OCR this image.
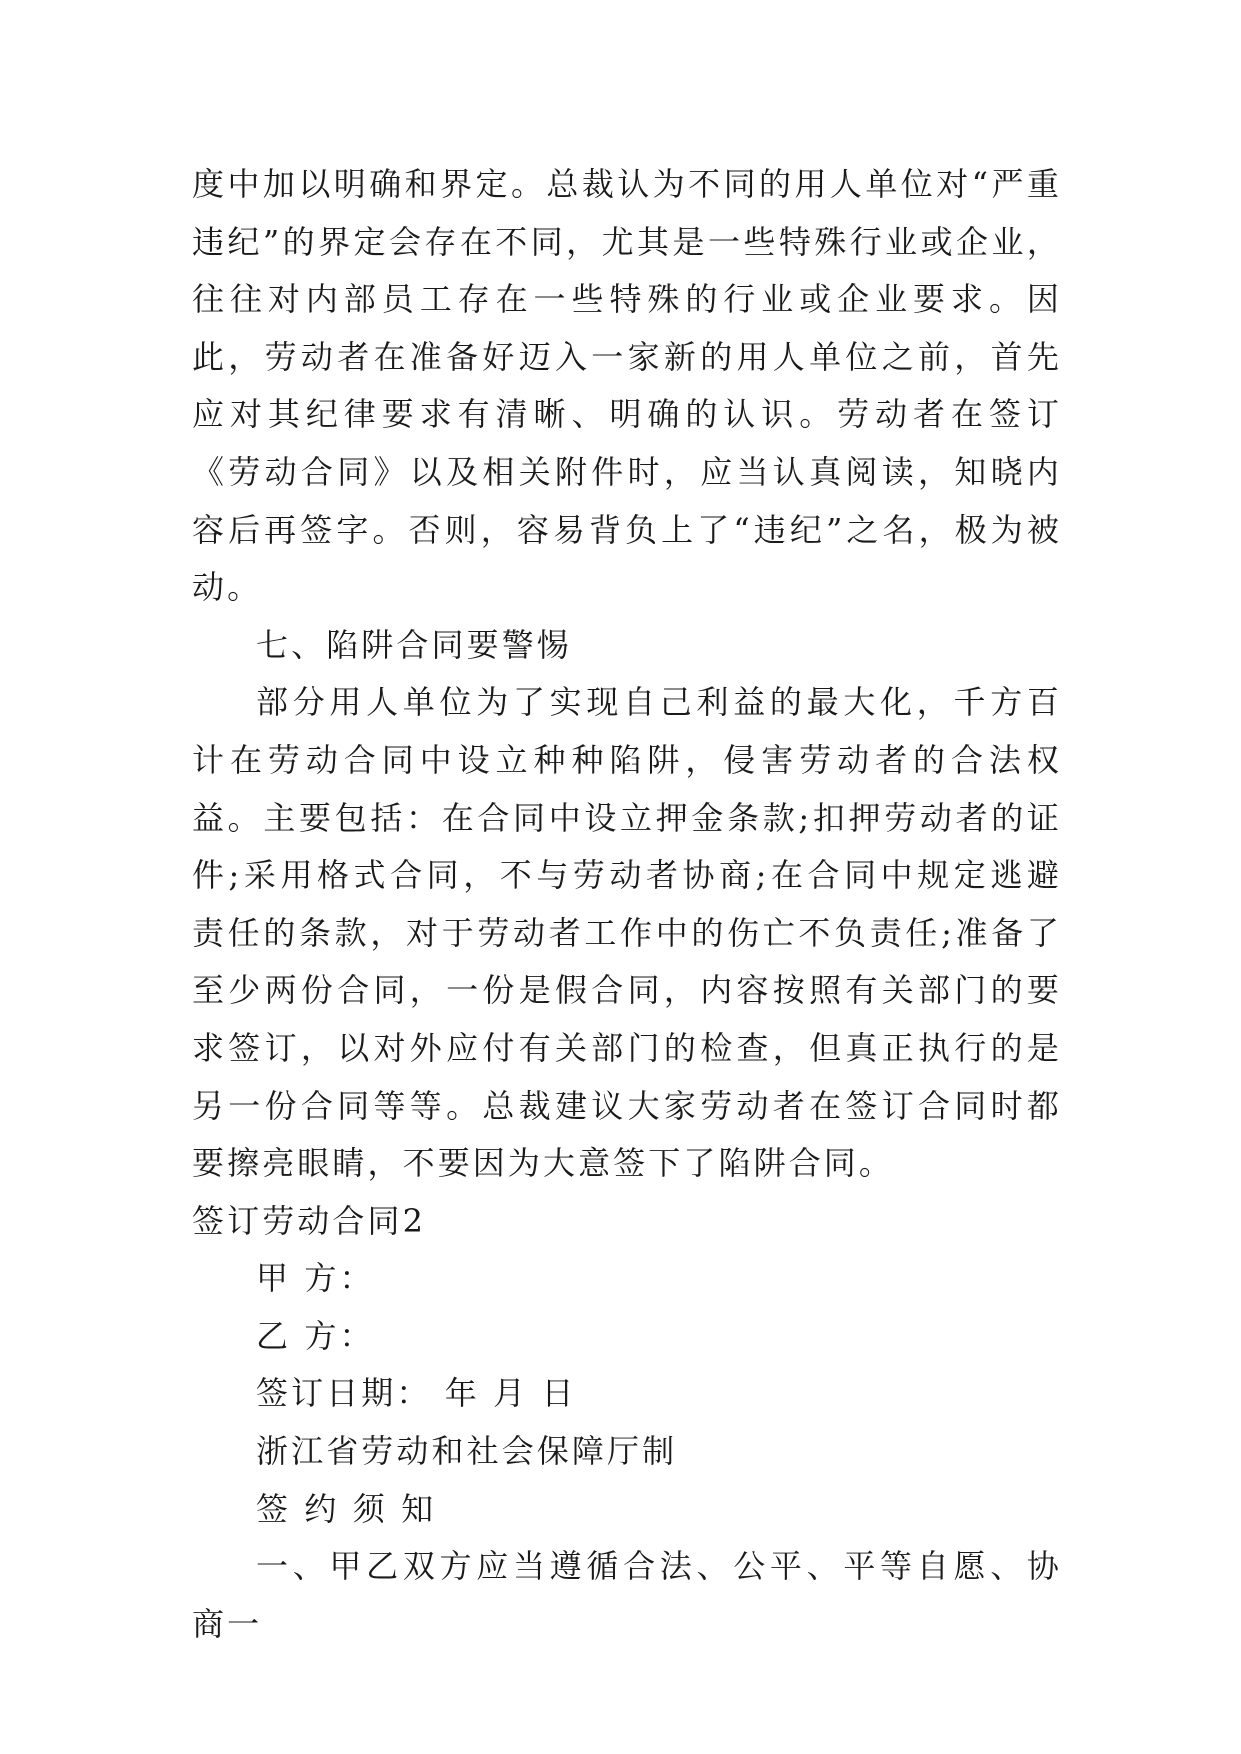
度中加以明确和界定。总裁认为不同的用人单位对“严重违纪”的界定会存在不同，尤其是一些特殊行业或企业，往往对内部员工存在一些特殊的行业或企业要求。因此，劳动者在准备好迈入一家新的用人单位之前，首先应对其纪律要求有清晰、明确的认识。劳动者在签订《劳动合同》以及相关附件时，应当认真阅读，知晓内容后再签字。否则，容易背负上了“违纪”之名，极为被动。

七、陷阱合同要警惕

部分用人单位为了实现自己利益的最大化，千方百计在劳动合同中设立种种陷阱，侵害劳动者的合法权益。主要包括：在合同中设立押金条款;扣押劳动者的证件;采用格式合同，不与劳动者协商;在合同中规定逃避责任的条款，对于劳动者工作中的伤亡不负责任;准备了至少两份合同，一份是假合同，内容按照有关部门的要求签订，以对外应付有关部门的检查，但真正执行的是另一份合同等等。总裁建议大家劳动者在签订合同时都要擦亮眼睛，不要因为大意签下了陷阱合同。

签订劳动合同2

甲 方：

乙 方：

签订日期： 年 月 日

浙江省劳动和社会保障厅制

签 约 须 知

一、甲乙双方应当遵循合法、公平、平等自愿、协商一
